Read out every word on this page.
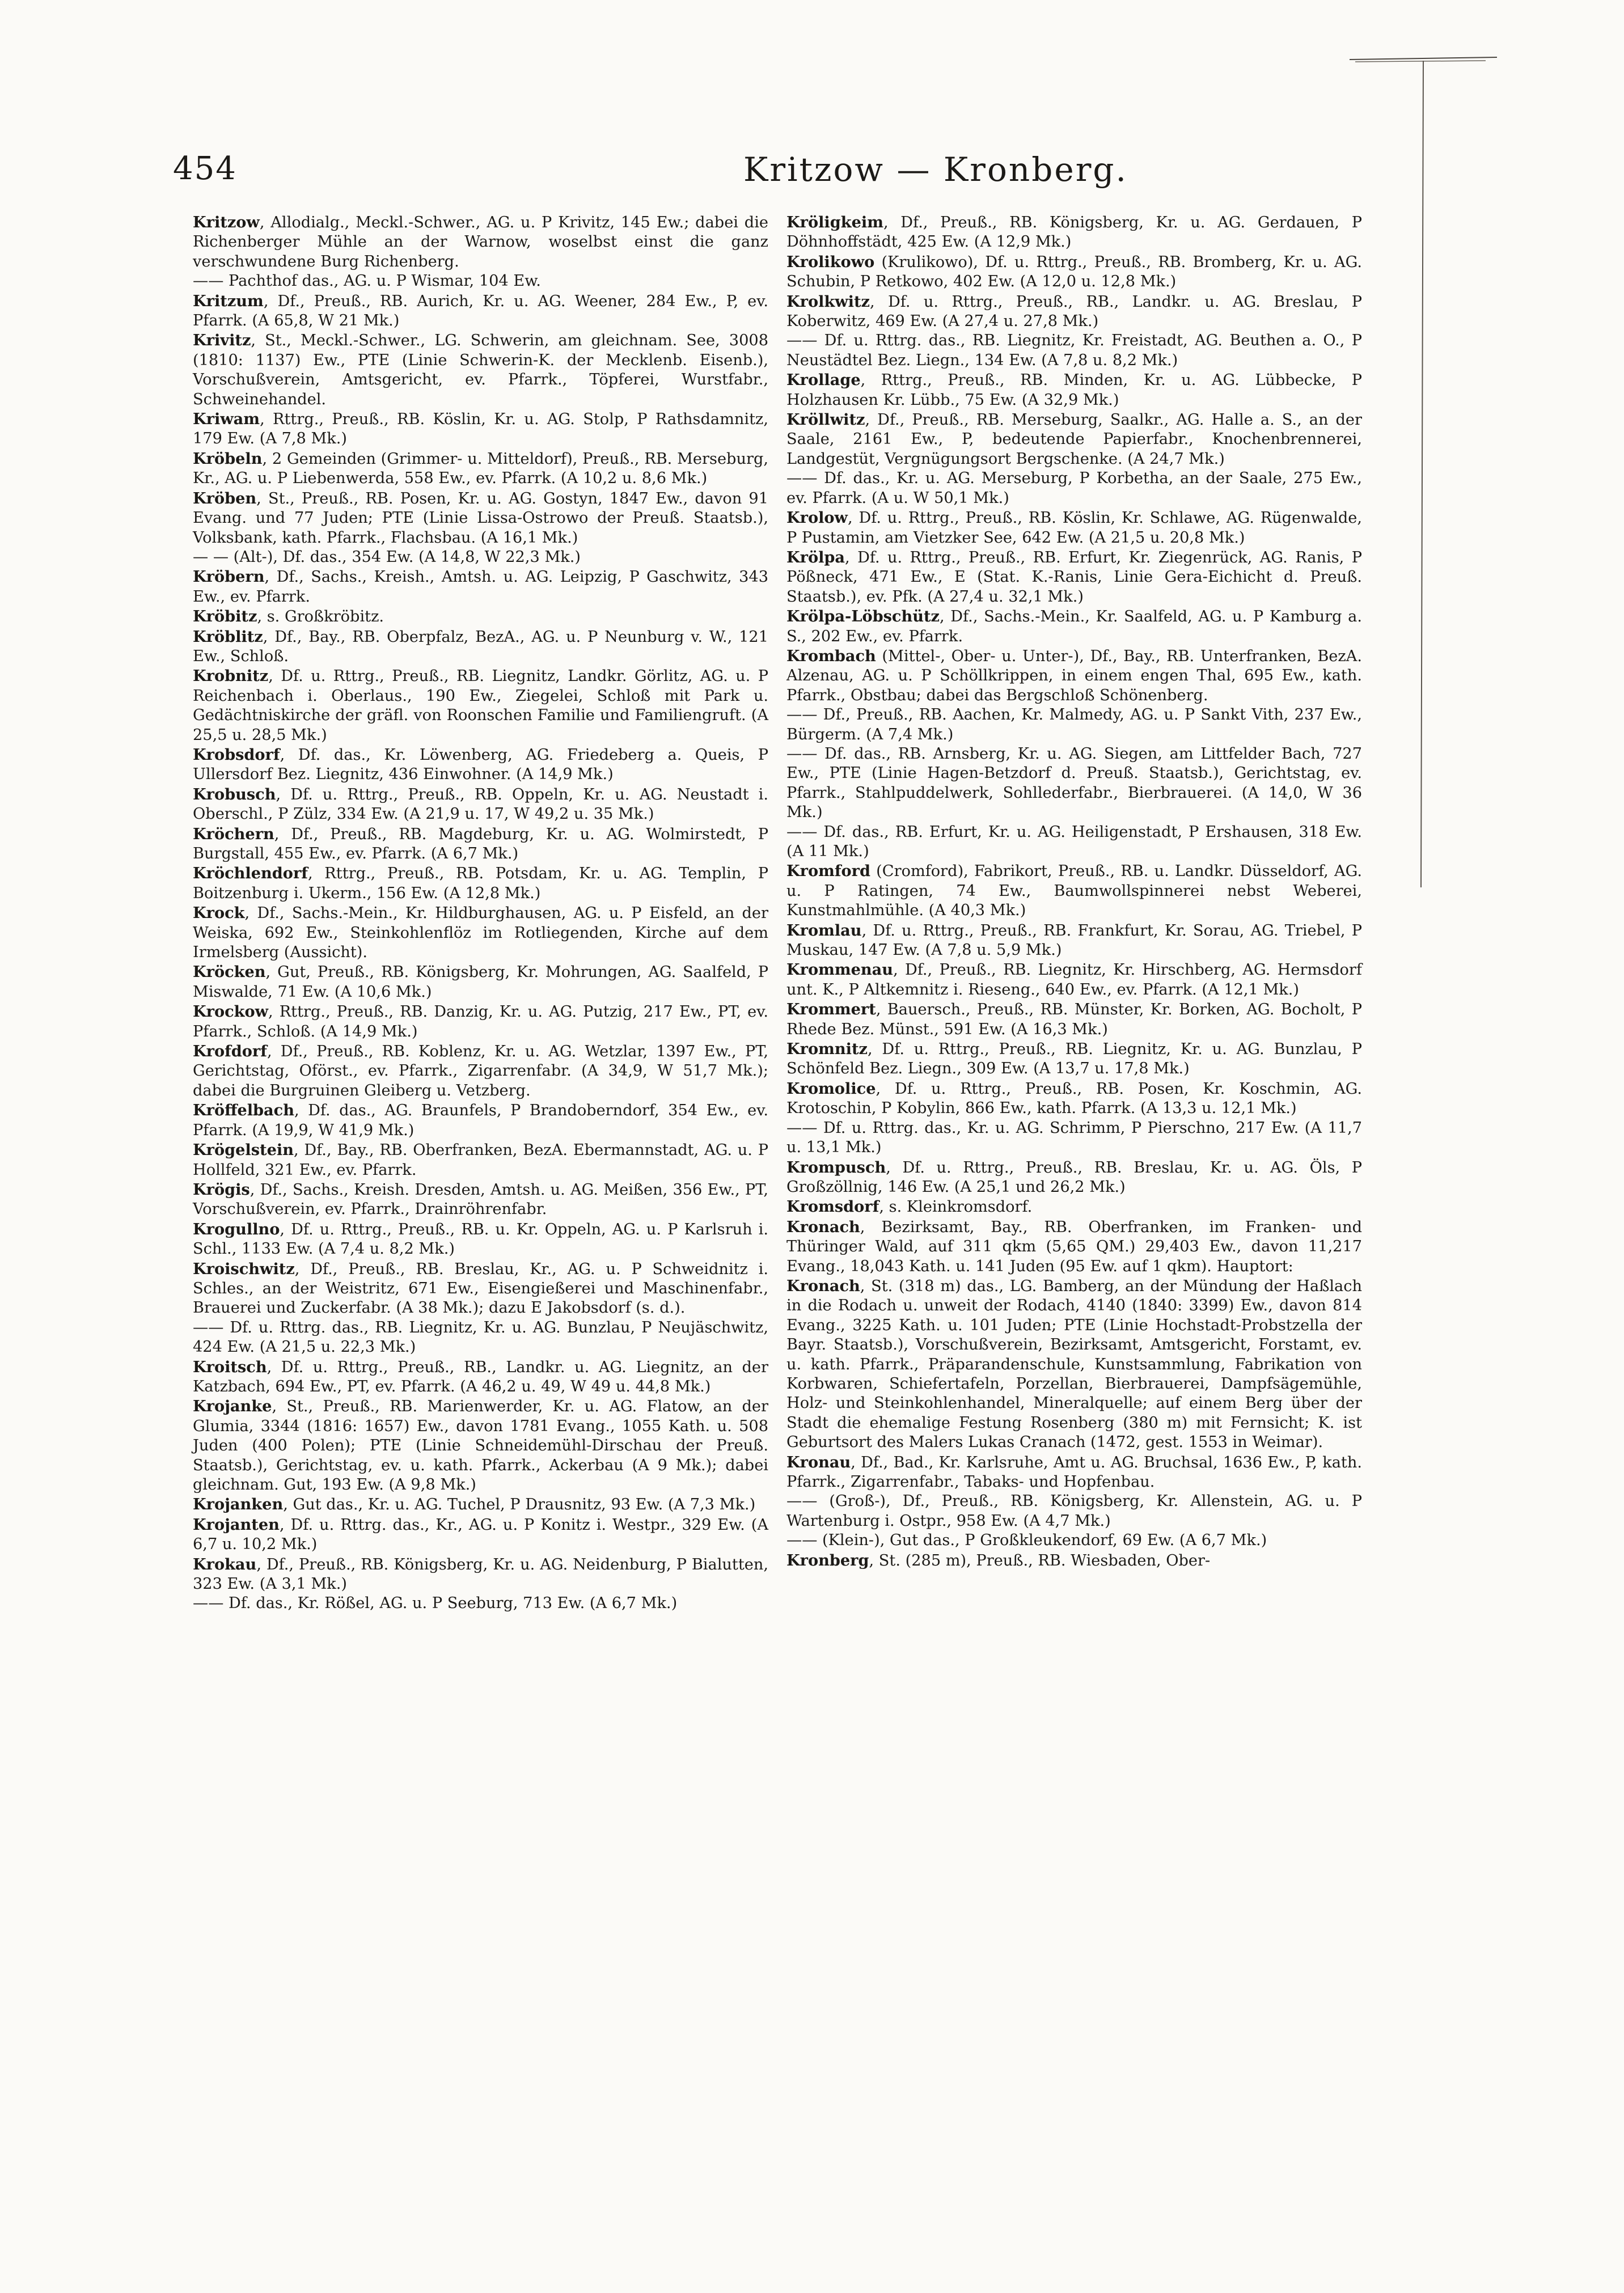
454	Kritzow — Kronberg.

Kritzow, Allodialg., Meckl.-Schwer., AG. u. P Krivitz, 145 Ew.; dabei die Richenberger Mühle an der Warnow, woselbst einst die ganz verschwundene Burg Richenberg.

—— Pachthof das., AG. u. P Wismar, 104 Ew.

Kritzum, Df., Preuß., RB. Aurich, Kr. u. AG. Weener, 284 Ew., P, ev. Pfarrk. (A 65,8, W 21 Mk.)

Krivitz, St., Meckl.-Schwer., LG. Schwerin, am gleichnam. See, 3008 (1810: 1137) Ew., PTE (Linie Schwerin-K. der Mecklenb. Eisenb.), Vorschußverein, Amtsgericht, ev. Pfarrk., Töpferei, Wurstfabr., Schweinehandel.

Kriwam, Rttrg., Preuß., RB. Köslin, Kr. u. AG. Stolp, P Rathsdamnitz, 179 Ew. (A 7,8 Mk.)

Kröbeln, 2 Gemeinden (Grimmer- u. Mitteldorf), Preuß., RB. Merseburg, Kr., AG. u. P Liebenwerda, 558 Ew., ev. Pfarrk. (A 10,2 u. 8,6 Mk.)

Kröben, St., Preuß., RB. Posen, Kr. u. AG. Gostyn, 1847 Ew., davon 91 Evang. und 77 Juden; PTE (Linie Lissa-Ostrowo der Preuß. Staatsb.), Volksbank, kath. Pfarrk., Flachsbau. (A 16,1 Mk.)

— — (Alt-), Df. das., 354 Ew. (A 14,8, W 22,3 Mk.)

Kröbern, Df., Sachs., Kreish., Amtsh. u. AG. Leipzig, P Gaschwitz, 343 Ew., ev. Pfarrk.

Kröbitz, s. Großkröbitz.

Kröblitz, Df., Bay., RB. Oberpfalz, BezA., AG. u. P Neunburg v. W., 121 Ew., Schloß.

Krobnitz, Df. u. Rttrg., Preuß., RB. Liegnitz, Landkr. Görlitz, AG. u. P Reichenbach i. Oberlaus., 190 Ew., Ziegelei, Schloß mit Park u. Gedächtniskirche der gräfl. von Roonschen Familie und Familiengruft. (A 25,5 u. 28,5 Mk.)

Krobsdorf, Df. das., Kr. Löwenberg, AG. Friedeberg a. Queis, P Ullersdorf Bez. Liegnitz, 436 Einwohner. (A 14,9 Mk.)

Krobusch, Df. u. Rttrg., Preuß., RB. Oppeln, Kr. u. AG. Neustadt i. Oberschl., P Zülz, 334 Ew. (A 21,9 u. 17, W 49,2 u. 35 Mk.)

Kröchern, Df., Preuß., RB. Magdeburg, Kr. u. AG. Wolmirstedt, P Burgstall, 455 Ew., ev. Pfarrk. (A 6,7 Mk.)

Kröchlendorf, Rttrg., Preuß., RB. Potsdam, Kr. u. AG. Templin, P Boitzenburg i. Ukerm., 156 Ew. (A 12,8 Mk.)

Krock, Df., Sachs.-Mein., Kr. Hildburghausen, AG. u. P Eisfeld, an der Weiska, 692 Ew., Steinkohlenflöz im Rotliegenden, Kirche auf dem Irmelsberg (Aussicht).

Kröcken, Gut, Preuß., RB. Königsberg, Kr. Mohrungen, AG. Saalfeld, P Miswalde, 71 Ew. (A 10,6 Mk.)

Krockow, Rttrg., Preuß., RB. Danzig, Kr. u. AG. Putzig, 217 Ew., PT, ev. Pfarrk., Schloß. (A 14,9 Mk.)

Krofdorf, Df., Preuß., RB. Koblenz, Kr. u. AG. Wetzlar, 1397 Ew., PT, Gerichtstag, Oförst., ev. Pfarrk., Zigarrenfabr. (A 34,9, W 51,7 Mk.); dabei die Burgruinen Gleiberg u. Vetzberg.

Kröffelbach, Df. das., AG. Braunfels, P Brandoberndorf, 354 Ew., ev. Pfarrk. (A 19,9, W 41,9 Mk.)

Krögelstein, Df., Bay., RB. Oberfranken, BezA. Ebermannstadt, AG. u. P Hollfeld, 321 Ew., ev. Pfarrk.

Krögis, Df., Sachs., Kreish. Dresden, Amtsh. u. AG. Meißen, 356 Ew., PT, Vorschußverein, ev. Pfarrk., Drainröhrenfabr.

Krogullno, Df. u. Rttrg., Preuß., RB. u. Kr. Oppeln, AG. u. P Karlsruh i. Schl., 1133 Ew. (A 7,4 u. 8,2 Mk.)

Kroischwitz, Df., Preuß., RB. Breslau, Kr., AG. u. P Schweidnitz i. Schles., an der Weistritz, 671 Ew., Eisengießerei und Maschinenfabr., Brauerei und Zuckerfabr. (A 38 Mk.); dazu E Jakobsdorf (s. d.).

—— Df. u. Rttrg. das., RB. Liegnitz, Kr. u. AG. Bunzlau, P Neujäschwitz, 424 Ew. (A 21,5 u. 22,3 Mk.)

Kroitsch, Df. u. Rttrg., Preuß., RB., Landkr. u. AG. Liegnitz, an der Katzbach, 694 Ew., PT, ev. Pfarrk. (A 46,2 u. 49, W 49 u. 44,8 Mk.)

Krojanke, St., Preuß., RB. Marienwerder, Kr. u. AG. Flatow, an der Glumia, 3344 (1816: 1657) Ew., davon 1781 Evang., 1055 Kath. u. 508 Juden (400 Polen); PTE (Linie Schneidemühl-Dirschau der Preuß. Staatsb.), Gerichtstag, ev. u. kath. Pfarrk., Ackerbau (A 9 Mk.); dabei gleichnam. Gut, 193 Ew. (A 9,8 Mk.)

Krojanken, Gut das., Kr. u. AG. Tuchel, P Drausnitz, 93 Ew. (A 7,3 Mk.)

Krojanten, Df. u. Rttrg. das., Kr., AG. u. P Konitz i. Westpr., 329 Ew. (A 6,7 u. 10,2 Mk.)

Krokau, Df., Preuß., RB. Königsberg, Kr. u. AG. Neidenburg, P Bialutten, 323 Ew. (A 3,1 Mk.)

—— Df. das., Kr. Rößel, AG. u. P Seeburg, 713 Ew. (A 6,7 Mk.)

Kröligkeim, Df., Preuß., RB. Königsberg, Kr. u. AG. Gerdauen, P Döhnhoffstädt, 425 Ew. (A 12,9 Mk.)

Krolikowo (Krulikowo), Df. u. Rttrg., Preuß., RB. Bromberg, Kr. u. AG. Schubin, P Retkowo, 402 Ew. (A 12,0 u. 12,8 Mk.)

Krolkwitz, Df. u. Rttrg., Preuß., RB., Landkr. u. AG. Breslau, P Koberwitz, 469 Ew. (A 27,4 u. 27,8 Mk.)

—— Df. u. Rttrg. das., RB. Liegnitz, Kr. Freistadt, AG. Beuthen a. O., P Neustädtel Bez. Liegn., 134 Ew. (A 7,8 u. 8,2 Mk.)

Krollage, Rttrg., Preuß., RB. Minden, Kr. u. AG. Lübbecke, P Holzhausen Kr. Lübb., 75 Ew. (A 32,9 Mk.)

Kröllwitz, Df., Preuß., RB. Merseburg, Saalkr., AG. Halle a. S., an der Saale, 2161 Ew., P, bedeutende Papierfabr., Knochenbrennerei, Landgestüt, Vergnügungsort Bergschenke. (A 24,7 Mk.)

—— Df. das., Kr. u. AG. Merseburg, P Korbetha, an der Saale, 275 Ew., ev. Pfarrk. (A u. W 50,1 Mk.)

Krolow, Df. u. Rttrg., Preuß., RB. Köslin, Kr. Schlawe, AG. Rügenwalde, P Pustamin, am Vietzker See, 642 Ew. (A 21,5 u. 20,8 Mk.)

Krölpa, Df. u. Rttrg., Preuß., RB. Erfurt, Kr. Ziegenrück, AG. Ranis, P Pößneck, 471 Ew., E (Stat. K.-Ranis, Linie Gera-Eichicht d. Preuß. Staatsb.), ev. Pfk. (A 27,4 u. 32,1 Mk.)

Krölpa-Löbschütz, Df., Sachs.-Mein., Kr. Saalfeld, AG. u. P Kamburg a. S., 202 Ew., ev. Pfarrk.

Krombach (Mittel-, Ober- u. Unter-), Df., Bay., RB. Unterfranken, BezA. Alzenau, AG. u. P Schöllkrippen, in einem engen Thal, 695 Ew., kath. Pfarrk., Obstbau; dabei das Bergschloß Schönenberg.

—— Df., Preuß., RB. Aachen, Kr. Malmedy, AG. u. P Sankt Vith, 237 Ew., Bürgerm. (A 7,4 Mk.)

—— Df. das., RB. Arnsberg, Kr. u. AG. Siegen, am Littfelder Bach, 727 Ew., PTE (Linie Hagen-Betzdorf d. Preuß. Staatsb.), Gerichtstag, ev. Pfarrk., Stahlpuddelwerk, Sohllederfabr., Bierbrauerei. (A 14,0, W 36 Mk.)

—— Df. das., RB. Erfurt, Kr. u. AG. Heiligenstadt, P Ershausen, 318 Ew. (A 11 Mk.)

Kromford (Cromford), Fabrikort, Preuß., RB. u. Landkr. Düsseldorf, AG. u. P Ratingen, 74 Ew., Baumwollspinnerei nebst Weberei, Kunstmahlmühle. (A 40,3 Mk.)

Kromlau, Df. u. Rttrg., Preuß., RB. Frankfurt, Kr. Sorau, AG. Triebel, P Muskau, 147 Ew. (A 7,8 u. 5,9 Mk.)

Krommenau, Df., Preuß., RB. Liegnitz, Kr. Hirschberg, AG. Hermsdorf unt. K., P Altkemnitz i. Rieseng., 640 Ew., ev. Pfarrk. (A 12,1 Mk.)

Krommert, Bauersch., Preuß., RB. Münster, Kr. Borken, AG. Bocholt, P Rhede Bez. Münst., 591 Ew. (A 16,3 Mk.)

Kromnitz, Df. u. Rttrg., Preuß., RB. Liegnitz, Kr. u. AG. Bunzlau, P Schönfeld Bez. Liegn., 309 Ew. (A 13,7 u. 17,8 Mk.)

Kromolice, Df. u. Rttrg., Preuß., RB. Posen, Kr. Koschmin, AG. Krotoschin, P Kobylin, 866 Ew., kath. Pfarrk. (A 13,3 u. 12,1 Mk.)

—— Df. u. Rttrg. das., Kr. u. AG. Schrimm, P Pierschno, 217 Ew. (A 11,7 u. 13,1 Mk.)

Krompusch, Df. u. Rttrg., Preuß., RB. Breslau, Kr. u. AG. Öls, P Großzöllnig, 146 Ew. (A 25,1 und 26,2 Mk.)

Kromsdorf, s. Kleinkromsdorf.

Kronach, Bezirksamt, Bay., RB. Oberfranken, im Franken- und Thüringer Wald, auf 311 qkm (5,65 QM.) 29,403 Ew., davon 11,217 Evang., 18,043 Kath. u. 141 Juden (95 Ew. auf 1 qkm). Hauptort:

Kronach, St. (318 m) das., LG. Bamberg, an der Mündung der Haßlach in die Rodach u. unweit der Rodach, 4140 (1840: 3399) Ew., davon 814 Evang., 3225 Kath. u. 101 Juden; PTE (Linie Hochstadt-Probstzella der Bayr. Staatsb.), Vorschußverein, Bezirksamt, Amtsgericht, Forstamt, ev. u. kath. Pfarrk., Präparandenschule, Kunstsammlung, Fabrikation von Korbwaren, Schiefertafeln, Porzellan, Bierbrauerei, Dampfsägemühle, Holz- und Steinkohlenhandel, Mineralquelle; auf einem Berg über der Stadt die ehemalige Festung Rosenberg (380 m) mit Fernsicht; K. ist Geburtsort des Malers Lukas Cranach (1472, gest. 1553 in Weimar).

Kronau, Df., Bad., Kr. Karlsruhe, Amt u. AG. Bruchsal, 1636 Ew., P, kath. Pfarrk., Zigarrenfabr., Tabaks- und Hopfenbau.

—— (Groß-), Df., Preuß., RB. Königsberg, Kr. Allenstein, AG. u. P Wartenburg i. Ostpr., 958 Ew. (A 4,7 Mk.)

—— (Klein-), Gut das., P Großkleukendorf, 69 Ew. (A 6,7 Mk.)

Kronberg, St. (285 m), Preuß., RB. Wiesbaden, Ober-
